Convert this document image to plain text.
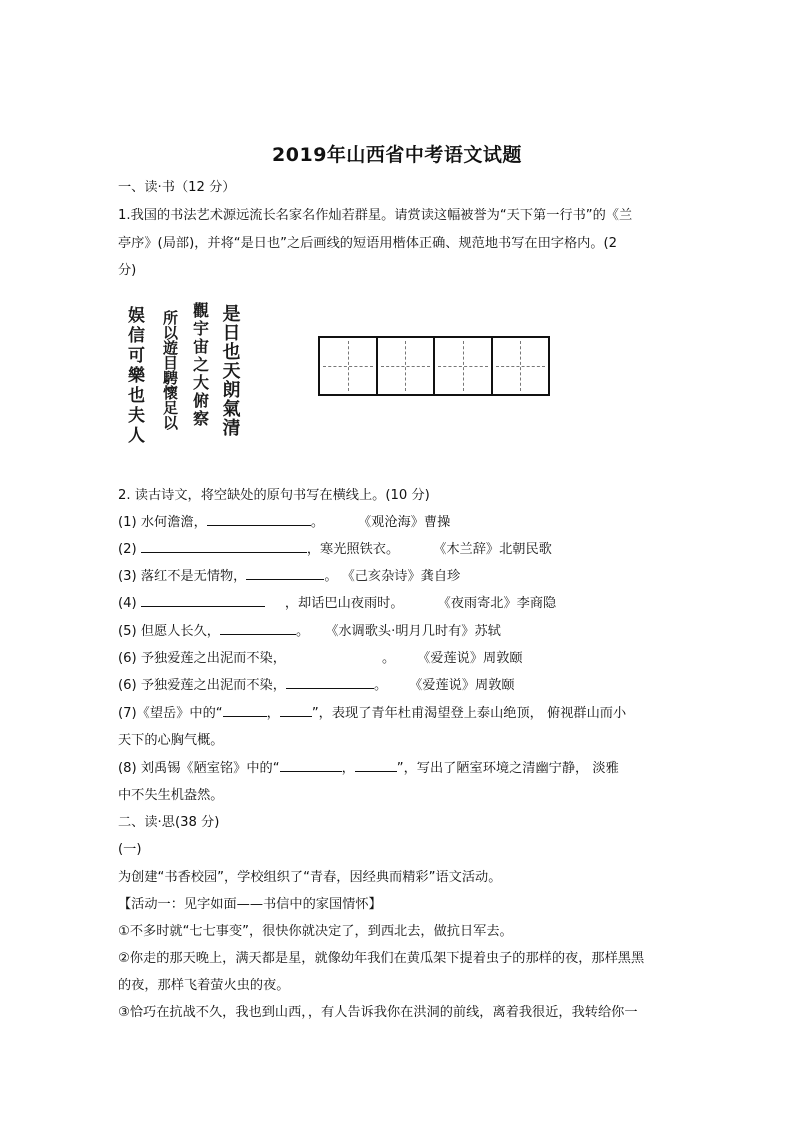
2019年山西省中考语文试题
一、读·书（12 分）
1.我国的书法艺术源远流长名家名作灿若群星。请赏读这幅被誉为“天下第一行书”的《兰
亭序》(局部)，并将“是日也”之后画线的短语用楷体正确、规范地书写在田字格内。(2
分)
是日也天朗氣清
觀宇宙之大俯察
所以遊目騁懷足以
娱信可樂也夫人
2. 读古诗文，将空缺处的原句书写在横线上。(10 分)
(1) 水何澹澹，	。	《观沧海》曹操
(2)	，寒光照铁衣。	《木兰辞》北朝民歌
(3) 落红不是无情物，	。 《己亥杂诗》龚自珍
(4)	，却话巴山夜雨时。	《夜雨寄北》李商隐
(5) 但愿人长久，	。 《水调歌头·明月几时有》苏轼
(6) 予独爱莲之出泥而不染，	。 《爱莲说》周敦颐
(6) 予独爱莲之出泥而不染，	。 《爱莲说》周敦颐
(7)《望岳》中的“	， ”，表现了青年杜甫渴望登上泰山绝顶， 俯视群山而小
天下的心胸气概。
(8) 刘禹锡《陋室铭》中的“	，	”，写出了陋室环境之清幽宁静， 淡雅
中不失生机盎然。
二、读·思(38 分)
(一)
为创建“书香校园”，学校组织了“青春，因经典而精彩”语文活动。
【活动一：见字如面——书信中的家国情怀】
①不多时就“七七事变”，很快你就决定了，到西北去，做抗日军去。
②你走的那天晚上，满天都是星，就像幼年我们在黄瓜架下提着虫子的那样的夜，那样黑黑
的夜，那样飞着萤火虫的夜。
③恰巧在抗战不久，我也到山西，，有人告诉我你在洪洞的前线，离着我很近，我转给你一
